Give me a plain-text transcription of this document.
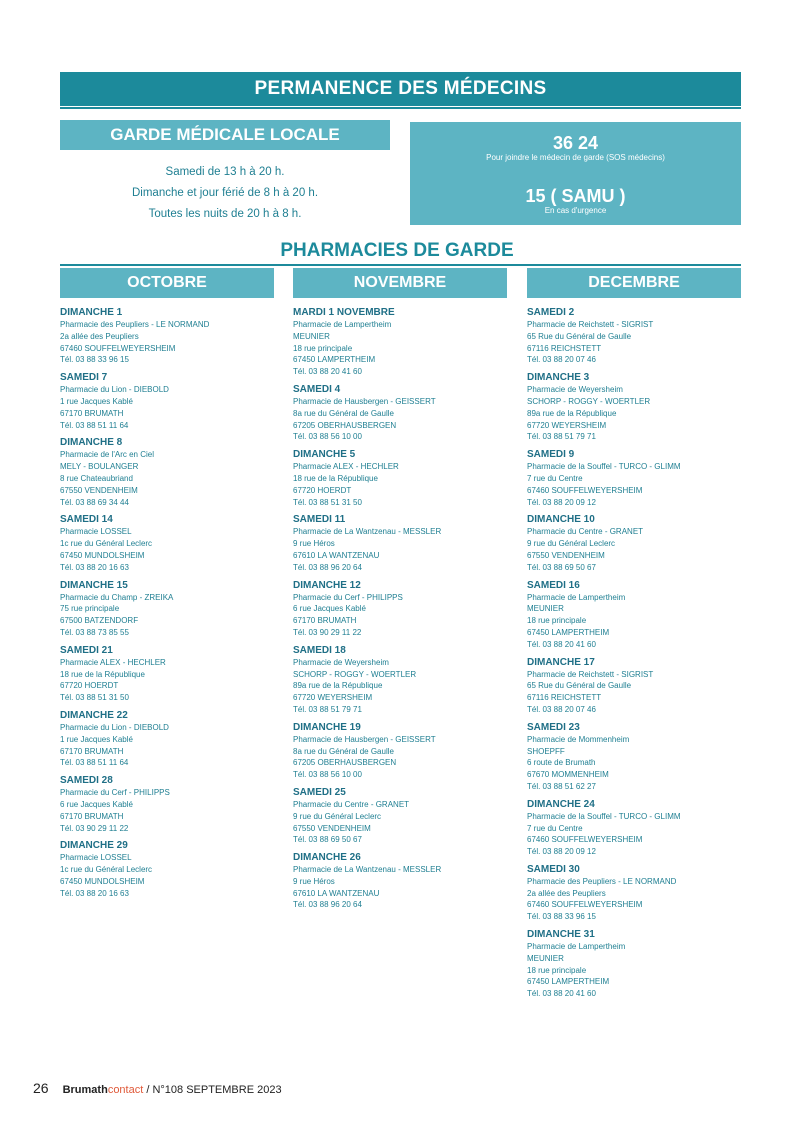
PERMANENCE DES MÉDECINS
GARDE MÉDICALE LOCALE
Samedi de 13 h à 20 h.
Dimanche et jour férié de 8 h à 20 h.
Toutes les nuits de 20 h à 8 h.
36 24
Pour joindre le médecin de garde (SOS médecins)
15 ( SAMU )
En cas d'urgence
PHARMACIES DE GARDE
OCTOBRE	NOVEMBRE	DECEMBRE
DIMANCHE 1
Pharmacie des Peupliers - LE NORMAND
2a allée des Peupliers
67460 SOUFFELWEYERSHEIM
Tél. 03 88 33 96 15
SAMEDI 7
Pharmacie du Lion - DIEBOLD
1 rue Jacques Kablé
67170 BRUMATH
Tél. 03 88 51 11 64
DIMANCHE 8
Pharmacie de l'Arc en Ciel
MELY - BOULANGER
8 rue Chateaubriand
67550 VENDENHEIM
Tél. 03 88 69 34 44
SAMEDI 14
Pharmacie LOSSEL
1c rue du Général Leclerc
67450 MUNDOLSHEIM
Tél. 03 88 20 16 63
DIMANCHE 15
Pharmacie du Champ - ZREIKA
75 rue principale
67500 BATZENDORF
Tél. 03 88 73 85 55
SAMEDI 21
Pharmacie ALEX - HECHLER
18 rue de la République
67720 HOERDT
Tél. 03 88 51 31 50
DIMANCHE 22
Pharmacie du Lion - DIEBOLD
1 rue Jacques Kablé
67170 BRUMATH
Tél. 03 88 51 11 64
SAMEDI 28
Pharmacie du Cerf - PHILIPPS
6 rue Jacques Kablé
67170 BRUMATH
Tél. 03 90 29 11 22
DIMANCHE 29
Pharmacie LOSSEL
1c rue du Général Leclerc
67450 MUNDOLSHEIM
Tél. 03 88 20 16 63
MARDI 1 NOVEMBRE
Pharmacie de Lampertheim
MEUNIER
18 rue principale
67450 LAMPERTHEIM
Tél. 03 88 20 41 60
SAMEDI 4
Pharmacie de Hausbergen - GEISSERT
8a rue du Général de Gaulle
67205 OBERHAUSBERGEN
Tél. 03 88 56 10 00
DIMANCHE 5
Pharmacie ALEX - HECHLER
18 rue de la République
67720 HOERDT
Tél. 03 88 51 31 50
SAMEDI 11
Pharmacie de La Wantzenau - MESSLER
9 rue Héros
67610 LA WANTZENAU
Tél. 03 88 96 20 64
DIMANCHE 12
Pharmacie du Cerf - PHILIPPS
6 rue Jacques Kablé
67170 BRUMATH
Tél. 03 90 29 11 22
SAMEDI 18
Pharmacie de Weyersheim
SCHORP - ROGGY - WOERTLER
89a rue de la République
67720 WEYERSHEIM
Tél. 03 88 51 79 71
DIMANCHE 19
Pharmacie de Hausbergen - GEISSERT
8a rue du Général de Gaulle
67205 OBERHAUSBERGEN
Tél. 03 88 56 10 00
SAMEDI 25
Pharmacie du Centre - GRANET
9 rue du Général Leclerc
67550 VENDENHEIM
Tél. 03 88 69 50 67
DIMANCHE 26
Pharmacie de La Wantzenau - MESSLER
9 rue Héros
67610 LA WANTZENAU
Tél. 03 88 96 20 64
SAMEDI 2
Pharmacie de Reichstett - SIGRIST
65 Rue du Général de Gaulle
67116 REICHSTETT
Tél. 03 88 20 07 46
DIMANCHE 3
Pharmacie de Weyersheim
SCHORP - ROGGY - WOERTLER
89a rue de la République
67720 WEYERSHEIM
Tél. 03 88 51 79 71
SAMEDI 9
Pharmacie de la Souffel - TURCO - GLIMM
7 rue du Centre
67460 SOUFFELWEYERSHEIM
Tél. 03 88 20 09 12
DIMANCHE 10
Pharmacie du Centre - GRANET
9 rue du Général Leclerc
67550 VENDENHEIM
Tél. 03 88 69 50 67
SAMEDI 16
Pharmacie de Lampertheim
MEUNIER
18 rue principale
67450 LAMPERTHEIM
Tél. 03 88 20 41 60
DIMANCHE 17
Pharmacie de Reichstett - SIGRIST
65 Rue du Général de Gaulle
67116 REICHSTETT
Tél. 03 88 20 07 46
SAMEDI 23
Pharmacie de Mommenheim
SHOEPFF
6 route de Brumath
67670 MOMMENHEIM
Tél. 03 88 51 62 27
DIMANCHE 24
Pharmacie de la Souffel - TURCO - GLIMM
7 rue du Centre
67460 SOUFFELWEYERSHEIM
Tél. 03 88 20 09 12
SAMEDI 30
Pharmacie des Peupliers - LE NORMAND
2a allée des Peupliers
67460 SOUFFELWEYERSHEIM
Tél. 03 88 33 96 15
DIMANCHE 31
Pharmacie de Lampertheim
MEUNIER
18 rue principale
67450 LAMPERTHEIM
Tél. 03 88 20 41 60
26 Brumathcontact / N°108 SEPTEMBRE 2023
